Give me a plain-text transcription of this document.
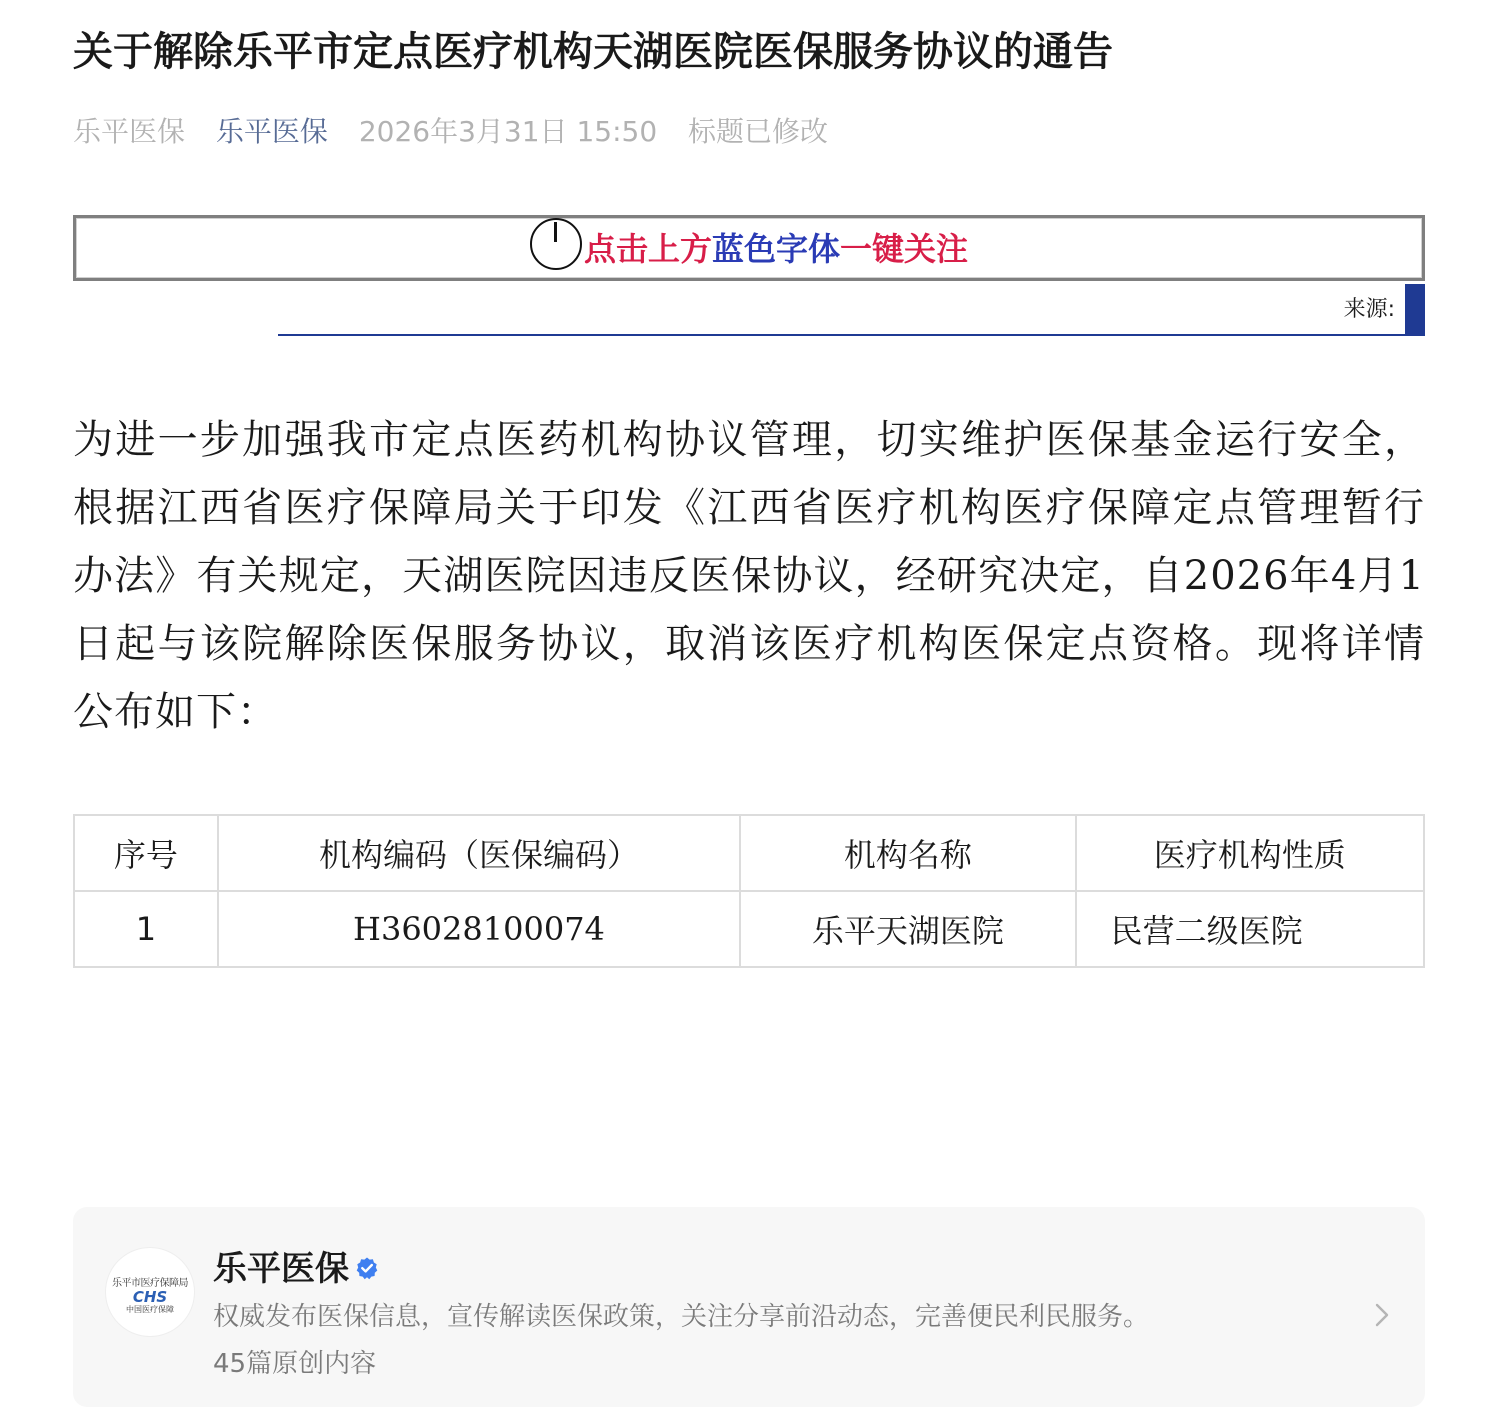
关于解除乐平市定点医疗机构天湖医院医保服务协议的通告
乐平医保 乐平医保 2026年3月31日 15:50 标题已修改
点击上方蓝色字体一键关注
来源:
为进一步加强我市定点医药机构协议管理，切实维护医保基金运行安全，根据江西省医疗保障局关于印发《江西省医疗机构医疗保障定点管理暂行办法》有关规定，天湖医院因违反医保协议，经研究决定，自2026年4月1日起与该院解除医保服务协议，取消该医疗机构医保定点资格。现将详情公布如下：
序号	机构编码（医保编码）	机构名称	医疗机构性质
1	H36028100074	乐平天湖医院	民营二级医院
乐平市医疗保障局
CHS
中国医疗保障
乐平医保
权威发布医保信息，宣传解读医保政策，关注分享前沿动态，完善便民利民服务。
45篇原创内容
